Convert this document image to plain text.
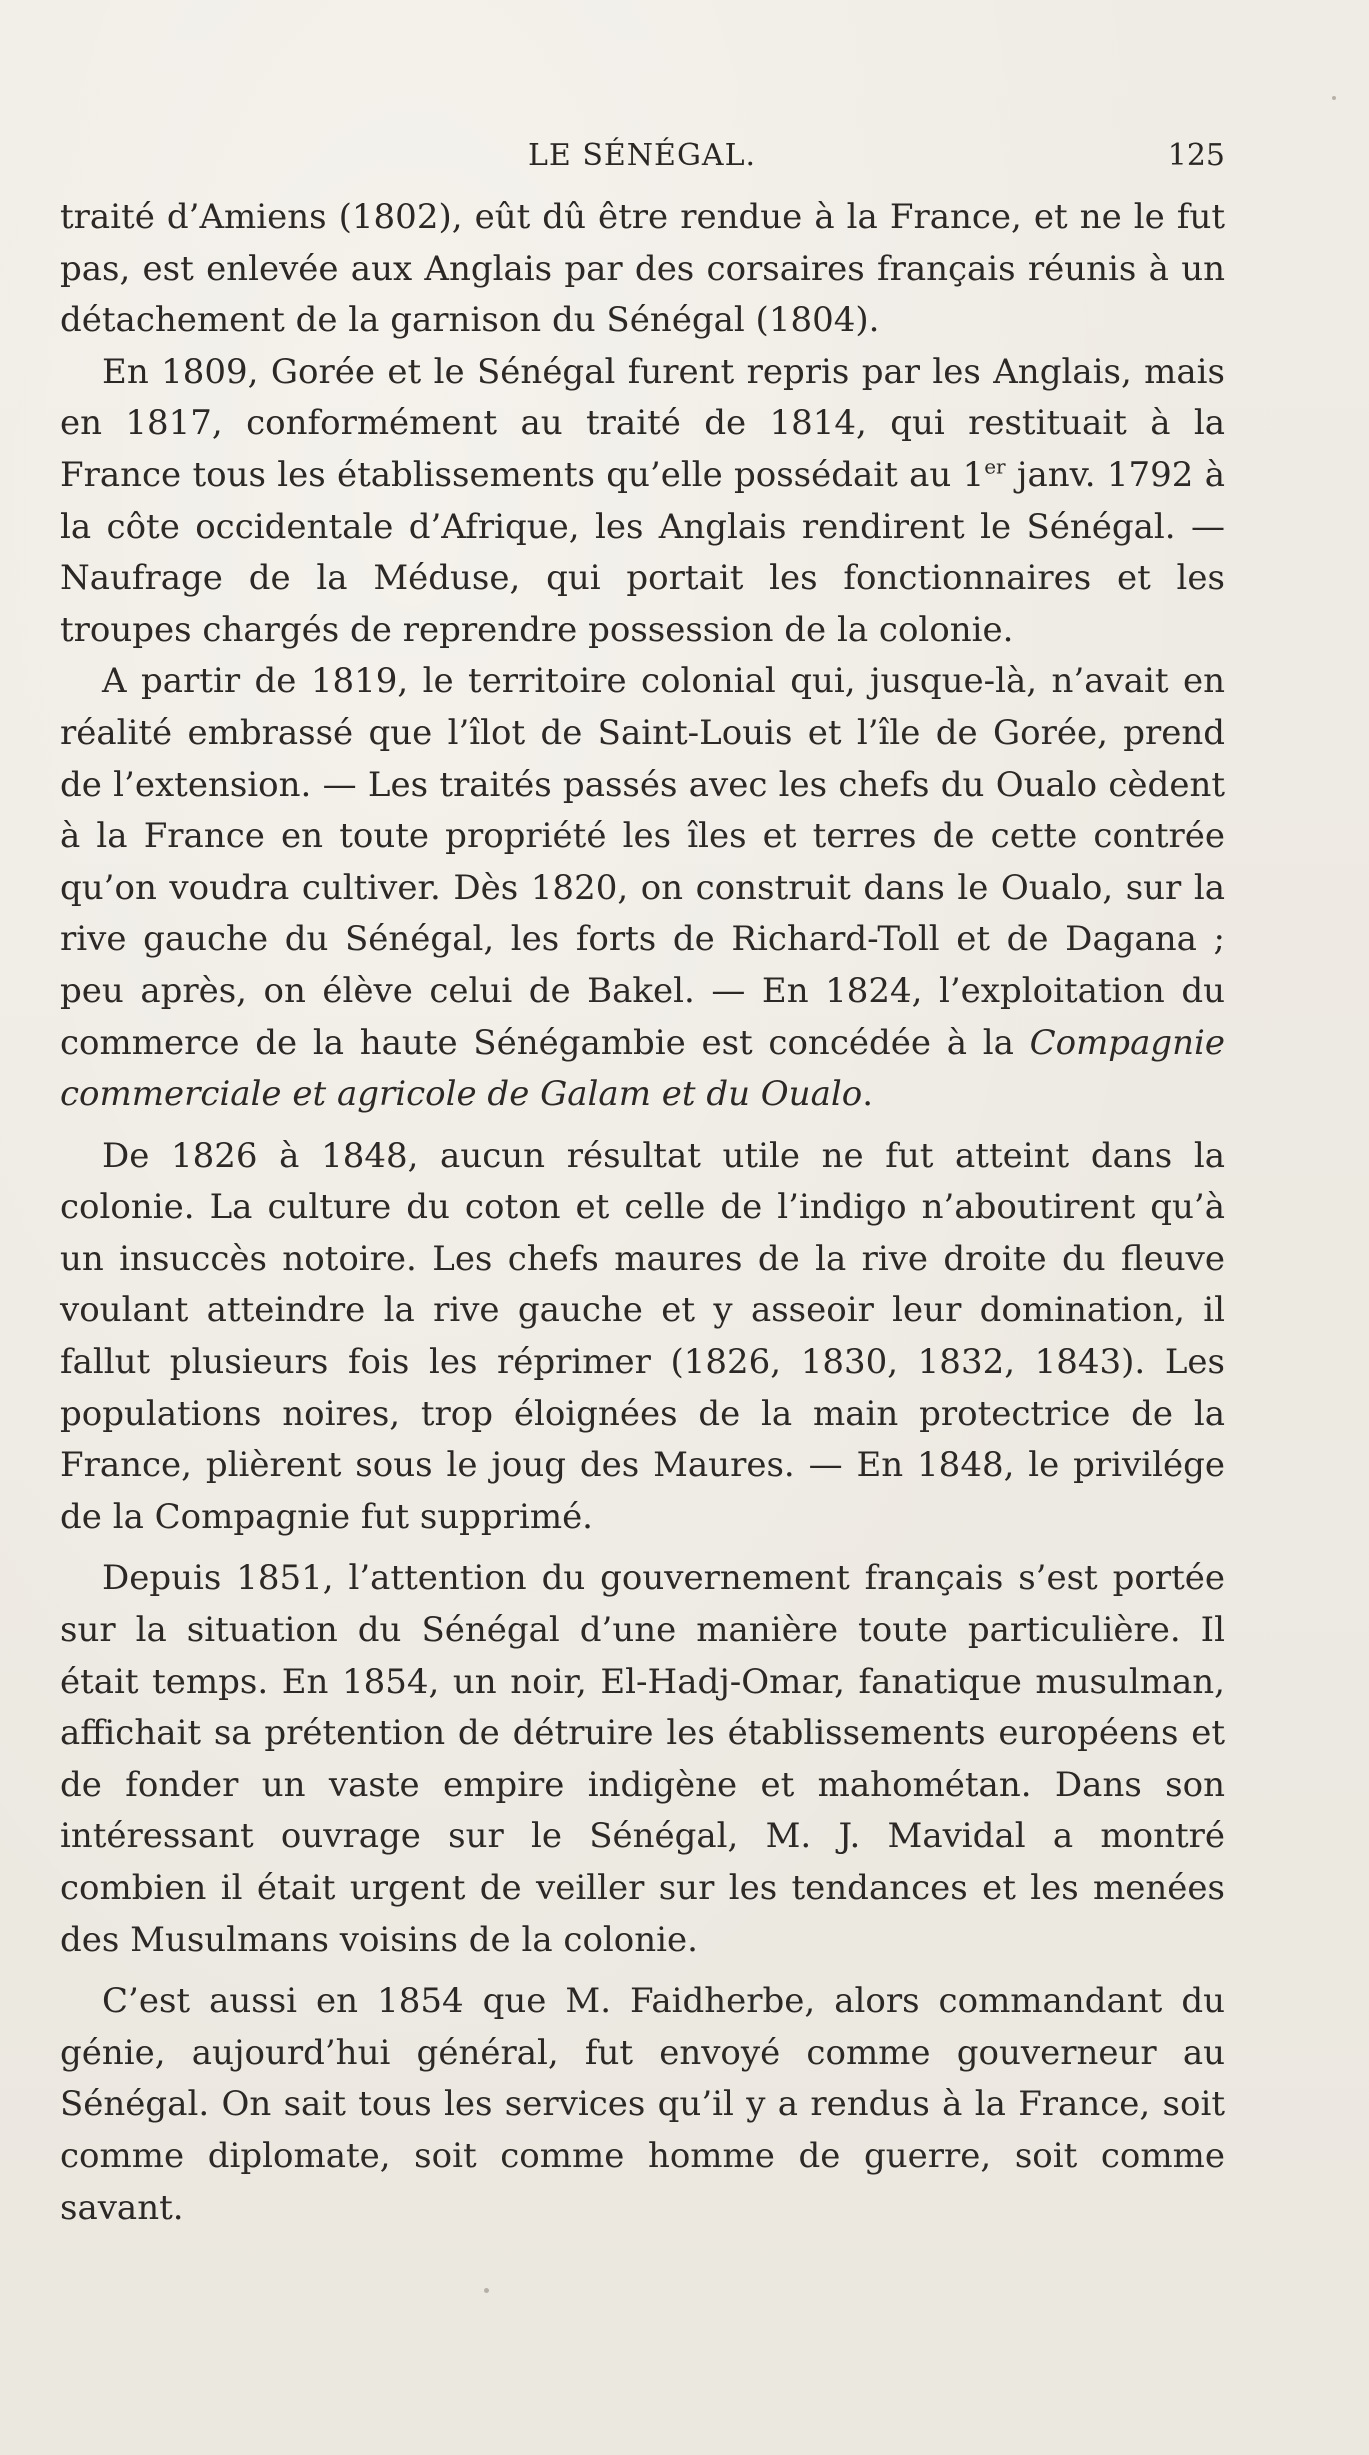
LE SÉNÉGAL.	125

traité d’Amiens (1802), eût dû être rendue à la France, et ne le fut pas, est enlevée aux Anglais par des corsaires français réunis à un détachement de la garnison du Sénégal (1804).

En 1809, Gorée et le Sénégal furent repris par les Anglais, mais en 1817, conformément au traité de 1814, qui restituait à la France tous les établissements qu’elle possédait au 1er janv. 1792 à la côte occidentale d’Afrique, les Anglais rendirent le Sénégal. — Naufrage de la Méduse, qui portait les fonctionnaires et les troupes chargés de reprendre possession de la colonie.

A partir de 1819, le territoire colonial qui, jusque-là, n’avait en réalité embrassé que l’îlot de Saint-Louis et l’île de Gorée, prend de l’extension. — Les traités passés avec les chefs du Oualo cèdent à la France en toute propriété les îles et terres de cette contrée qu’on voudra cultiver. Dès 1820, on construit dans le Oualo, sur la rive gauche du Sénégal, les forts de Richard-Toll et de Dagana ; peu après, on élève celui de Bakel. — En 1824, l’exploitation du commerce de la haute Sénégambie est concédée à la Compagnie commerciale et agricole de Galam et du Oualo.

De 1826 à 1848, aucun résultat utile ne fut atteint dans la colonie. La culture du coton et celle de l’indigo n’aboutirent qu’à un insuccès notoire. Les chefs maures de la rive droite du fleuve voulant atteindre la rive gauche et y asseoir leur domination, il fallut plusieurs fois les réprimer (1826, 1830, 1832, 1843). Les populations noires, trop éloignées de la main protectrice de la France, plièrent sous le joug des Maures. — En 1848, le privilége de la Compagnie fut supprimé.

Depuis 1851, l’attention du gouvernement français s’est portée sur la situation du Sénégal d’une manière toute particulière. Il était temps. En 1854, un noir, El-Hadj-Omar, fanatique musulman, affichait sa prétention de détruire les établissements européens et de fonder un vaste empire indigène et mahométan. Dans son intéressant ouvrage sur le Sénégal, M. J. Mavidal a montré combien il était urgent de veiller sur les tendances et les menées des Musulmans voisins de la colonie.

C’est aussi en 1854 que M. Faidherbe, alors commandant du génie, aujourd’hui général, fut envoyé comme gouverneur au Sénégal. On sait tous les services qu’il y a rendus à la France, soit comme diplomate, soit comme homme de guerre, soit comme savant.
